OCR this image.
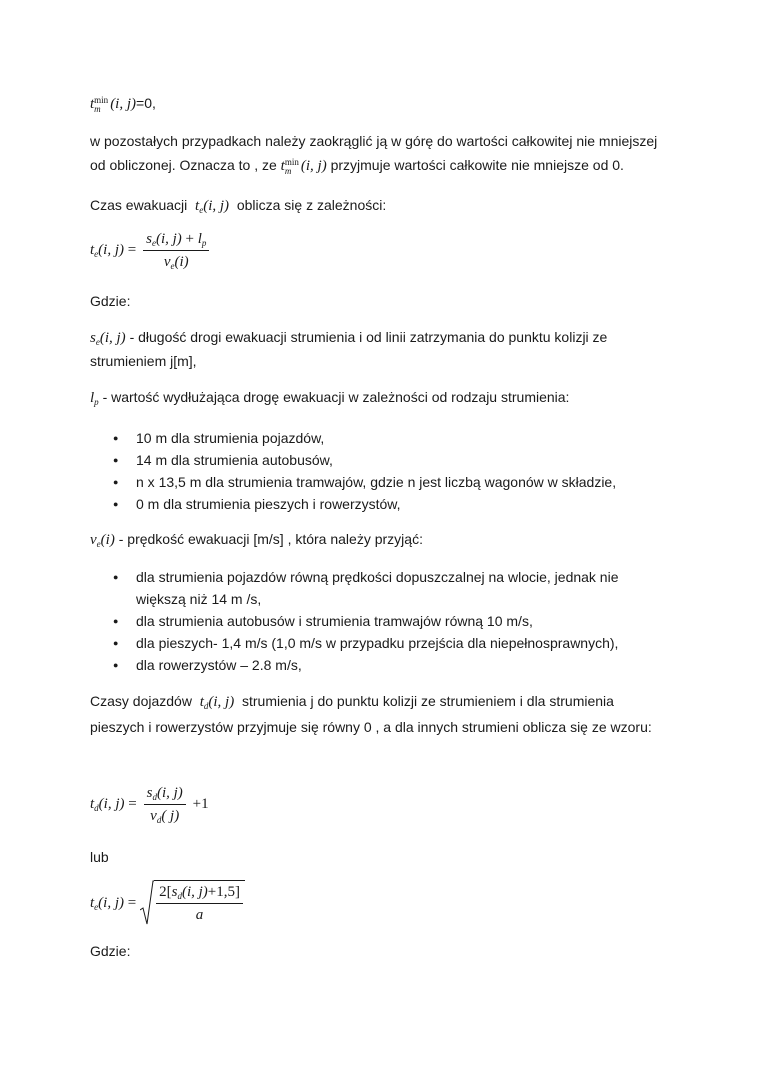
t min
m (i, j)=0,
w pozostałych przypadkach należy zaokrąglić ją w górę do wartości całkowitej nie mniejszej
od obliczonej. Oznacza to , ze t min
m (i, j) przyjmuje wartości całkowite nie mniejsze od 0.
Czas ewakuacji $t_e(i$, j) oblicza się z zależności:
$t_e(i$, $j) = \frac{s_e(i, j) + l_p}{v_e(i)}$
Gdzie:
$s_e(i$, j) - długość drogi ewakuacji strumienia i od linii zatrzymania do punktu kolizji ze
strumieniem j[m],
$l_p$ - wartość wydłużająca drogę ewakuacji w zależności od rodzaju strumienia:
● 10 m dla strumienia pojazdów,
● 14 m dla strumienia autobusów,
● n x 13,5 m dla strumienia tramwajów, gdzie n jest liczbą wagonów w składzie,
● 0 m dla strumienia pieszych i rowerzystów,
$v_e(i)$ - prędkość ewakuacji [m/s] , która należy przyjąć:
● dla strumienia pojazdów równą prędkości dopuszczalnej na wlocie, jednak nie
większą niż 14 m /s,
● dla strumienia autobusów i strumienia tramwajów równą 10 m/s,
● dla pieszych- 1,4 m/s (1,0 m/s w przypadku przejścia dla niepełnosprawnych),
● dla rowerzystów – 2.8 m/s,
Czasy dojazdów $t_d(i$, j) strumienia j do punktu kolizji ze strumieniem i dla strumienia
pieszych i rowerzystów przyjmuje się równy 0 , a dla innych strumieni oblicza się ze wzoru:
$t_d(i$, $j) = \frac{s_d(i, j)}{v_d( j)} +1$
lub
$t_e(i$, $j) = \frac{2[s_d(i, j)+1,5]}{a}$
Gdzie:
